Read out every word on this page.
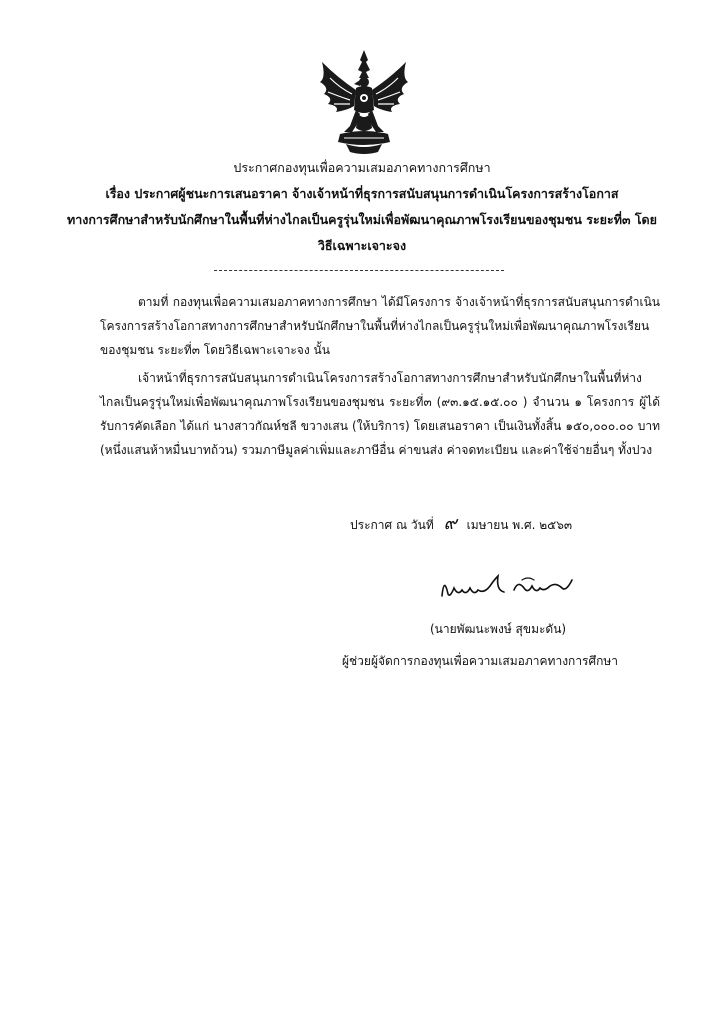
ประกาศกองทุนเพื่อความเสมอภาคทางการศึกษา
เรื่อง ประกาศผู้ชนะการเสนอราคา จ้างเจ้าหน้าที่ธุรการสนับสนุนการดำเนินโครงการสร้างโอกาส
ทางการศึกษาสำหรับนักศึกษาในพื้นที่ห่างไกลเป็นครูรุ่นใหม่เพื่อพัฒนาคุณภาพโรงเรียนของชุมชน ระยะที่๓ โดย
วิธีเฉพาะเจาะจง

ตามที่ กองทุนเพื่อความเสมอภาคทางการศึกษา ได้มีโครงการ จ้างเจ้าหน้าที่ธุรการสนับสนุนการดำเนินโครงการสร้างโอกาสทางการศึกษาสำหรับนักศึกษาในพื้นที่ห่างไกลเป็นครูรุ่นใหม่เพื่อพัฒนาคุณภาพโรงเรียนของชุมชน ระยะที่๓ โดยวิธีเฉพาะเจาะจง นั้น

เจ้าหน้าที่ธุรการสนับสนุนการดำเนินโครงการสร้างโอกาสทางการศึกษาสำหรับนักศึกษาในพื้นที่ห่างไกลเป็นครูรุ่นใหม่เพื่อพัฒนาคุณภาพโรงเรียนของชุมชน ระยะที่๓ (๙๓.๑๕.๑๕.๐๐ ) จำนวน ๑ โครงการ ผู้ได้รับการคัดเลือก ได้แก่ นางสาวกัณห์ชลี ขวางเสน (ให้บริการ) โดยเสนอราคา เป็นเงินทั้งสิ้น ๑๕๐,๐๐๐.๐๐ บาท (หนึ่งแสนห้าหมื่นบาทถ้วน) รวมภาษีมูลค่าเพิ่มและภาษีอื่น ค่าขนส่ง ค่าจดทะเบียน และค่าใช้จ่ายอื่นๆ ทั้งปวง

ประกาศ ณ วันที่ ๙ เมษายน พ.ศ. ๒๕๖๓
(นายพัฒนะพงษ์ สุขมะดัน)
ผู้ช่วยผู้จัดการกองทุนเพื่อความเสมอภาคทางการศึกษา
